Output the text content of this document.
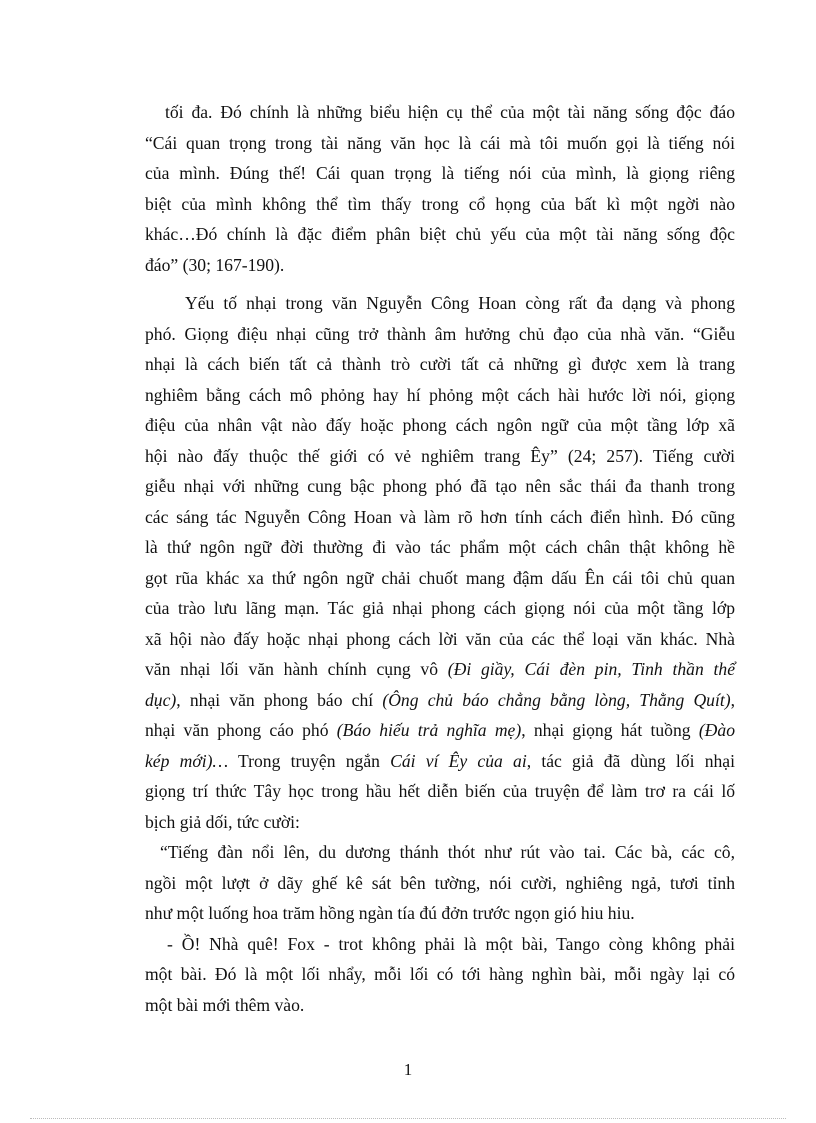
tối đa. Đó chính là những biểu hiện cụ thể của một tài năng sống độc đáo
“Cái quan trọng trong tài năng văn học là cái mà tôi muốn gọi là tiếng nói
của mình. Đúng thế! Cái quan trọng là tiếng nói của mình, là giọng riêng
biệt của mình không thể tìm thấy trong cổ họng của bất kì một ngời nào
khác…Đó chính là đặc điểm phân biệt chủ yếu của một tài năng sống độc
đáo” (30; 167-190).
Yếu tố nhại trong văn Nguyễn Công Hoan còng rất đa dạng và phong
phó. Giọng điệu nhại cũng trở thành âm hưởng chủ đạo của nhà văn. “Giễu
nhại là cách biến tất cả thành trò cười tất cả những gì được xem là trang
nghiêm bằng cách mô phỏng hay hí phỏng một cách hài hước lời nói, giọng
điệu của nhân vật nào đấy hoặc phong cách ngôn ngữ của một tầng lớp xã
hội nào đấy thuộc thế giới có vẻ nghiêm trang Êy” (24; 257). Tiếng cười
giễu nhại với những cung bậc phong phó đã tạo nên sắc thái đa thanh trong
các sáng tác Nguyễn Công Hoan và làm rõ hơn tính cách điển hình. Đó cũng
là thứ ngôn ngữ đời thường đi vào tác phẩm một cách chân thật không hề
gọt rũa khác xa thứ ngôn ngữ chải chuốt mang đậm dấu Ên cái tôi chủ quan
của trào lưu lãng mạn. Tác giả nhại phong cách giọng nói của một tầng lớp
xã hội nào đấy hoặc nhại phong cách lời văn của các thể loại văn khác. Nhà
văn nhại lối văn hành chính cụng vô (Đi giầy, Cái đèn pin, Tinh thần thể
dục), nhại văn phong báo chí (Ông chủ báo chẳng bằng lòng, Thằng Quít),
nhại văn phong cáo phó (Báo hiếu trả nghĩa mẹ), nhại giọng hát tuồng (Đào
kép mới)… Trong truyện ngắn Cái ví Êy của ai, tác giả đã dùng lối nhại
giọng trí thức Tây học trong hầu hết diễn biến của truyện để làm trơ ra cái lố
bịch giả dối, tức cười:
“Tiếng đàn nổi lên, du dương thánh thót như rút vào tai. Các bà, các cô,
ngồi một lượt ở dãy ghế kê sát bên tường, nói cười, nghiêng ngả, tươi tỉnh
như một luống hoa trăm hồng ngàn tía đú đởn trước ngọn gió hiu hiu.
- Ồ! Nhà quê! Fox - trot không phải là một bài, Tango còng không phải
một bài. Đó là một lối nhẩy, mỗi lối có tới hàng nghìn bài, mỗi ngày lại có
một bài mới thêm vào.
1
